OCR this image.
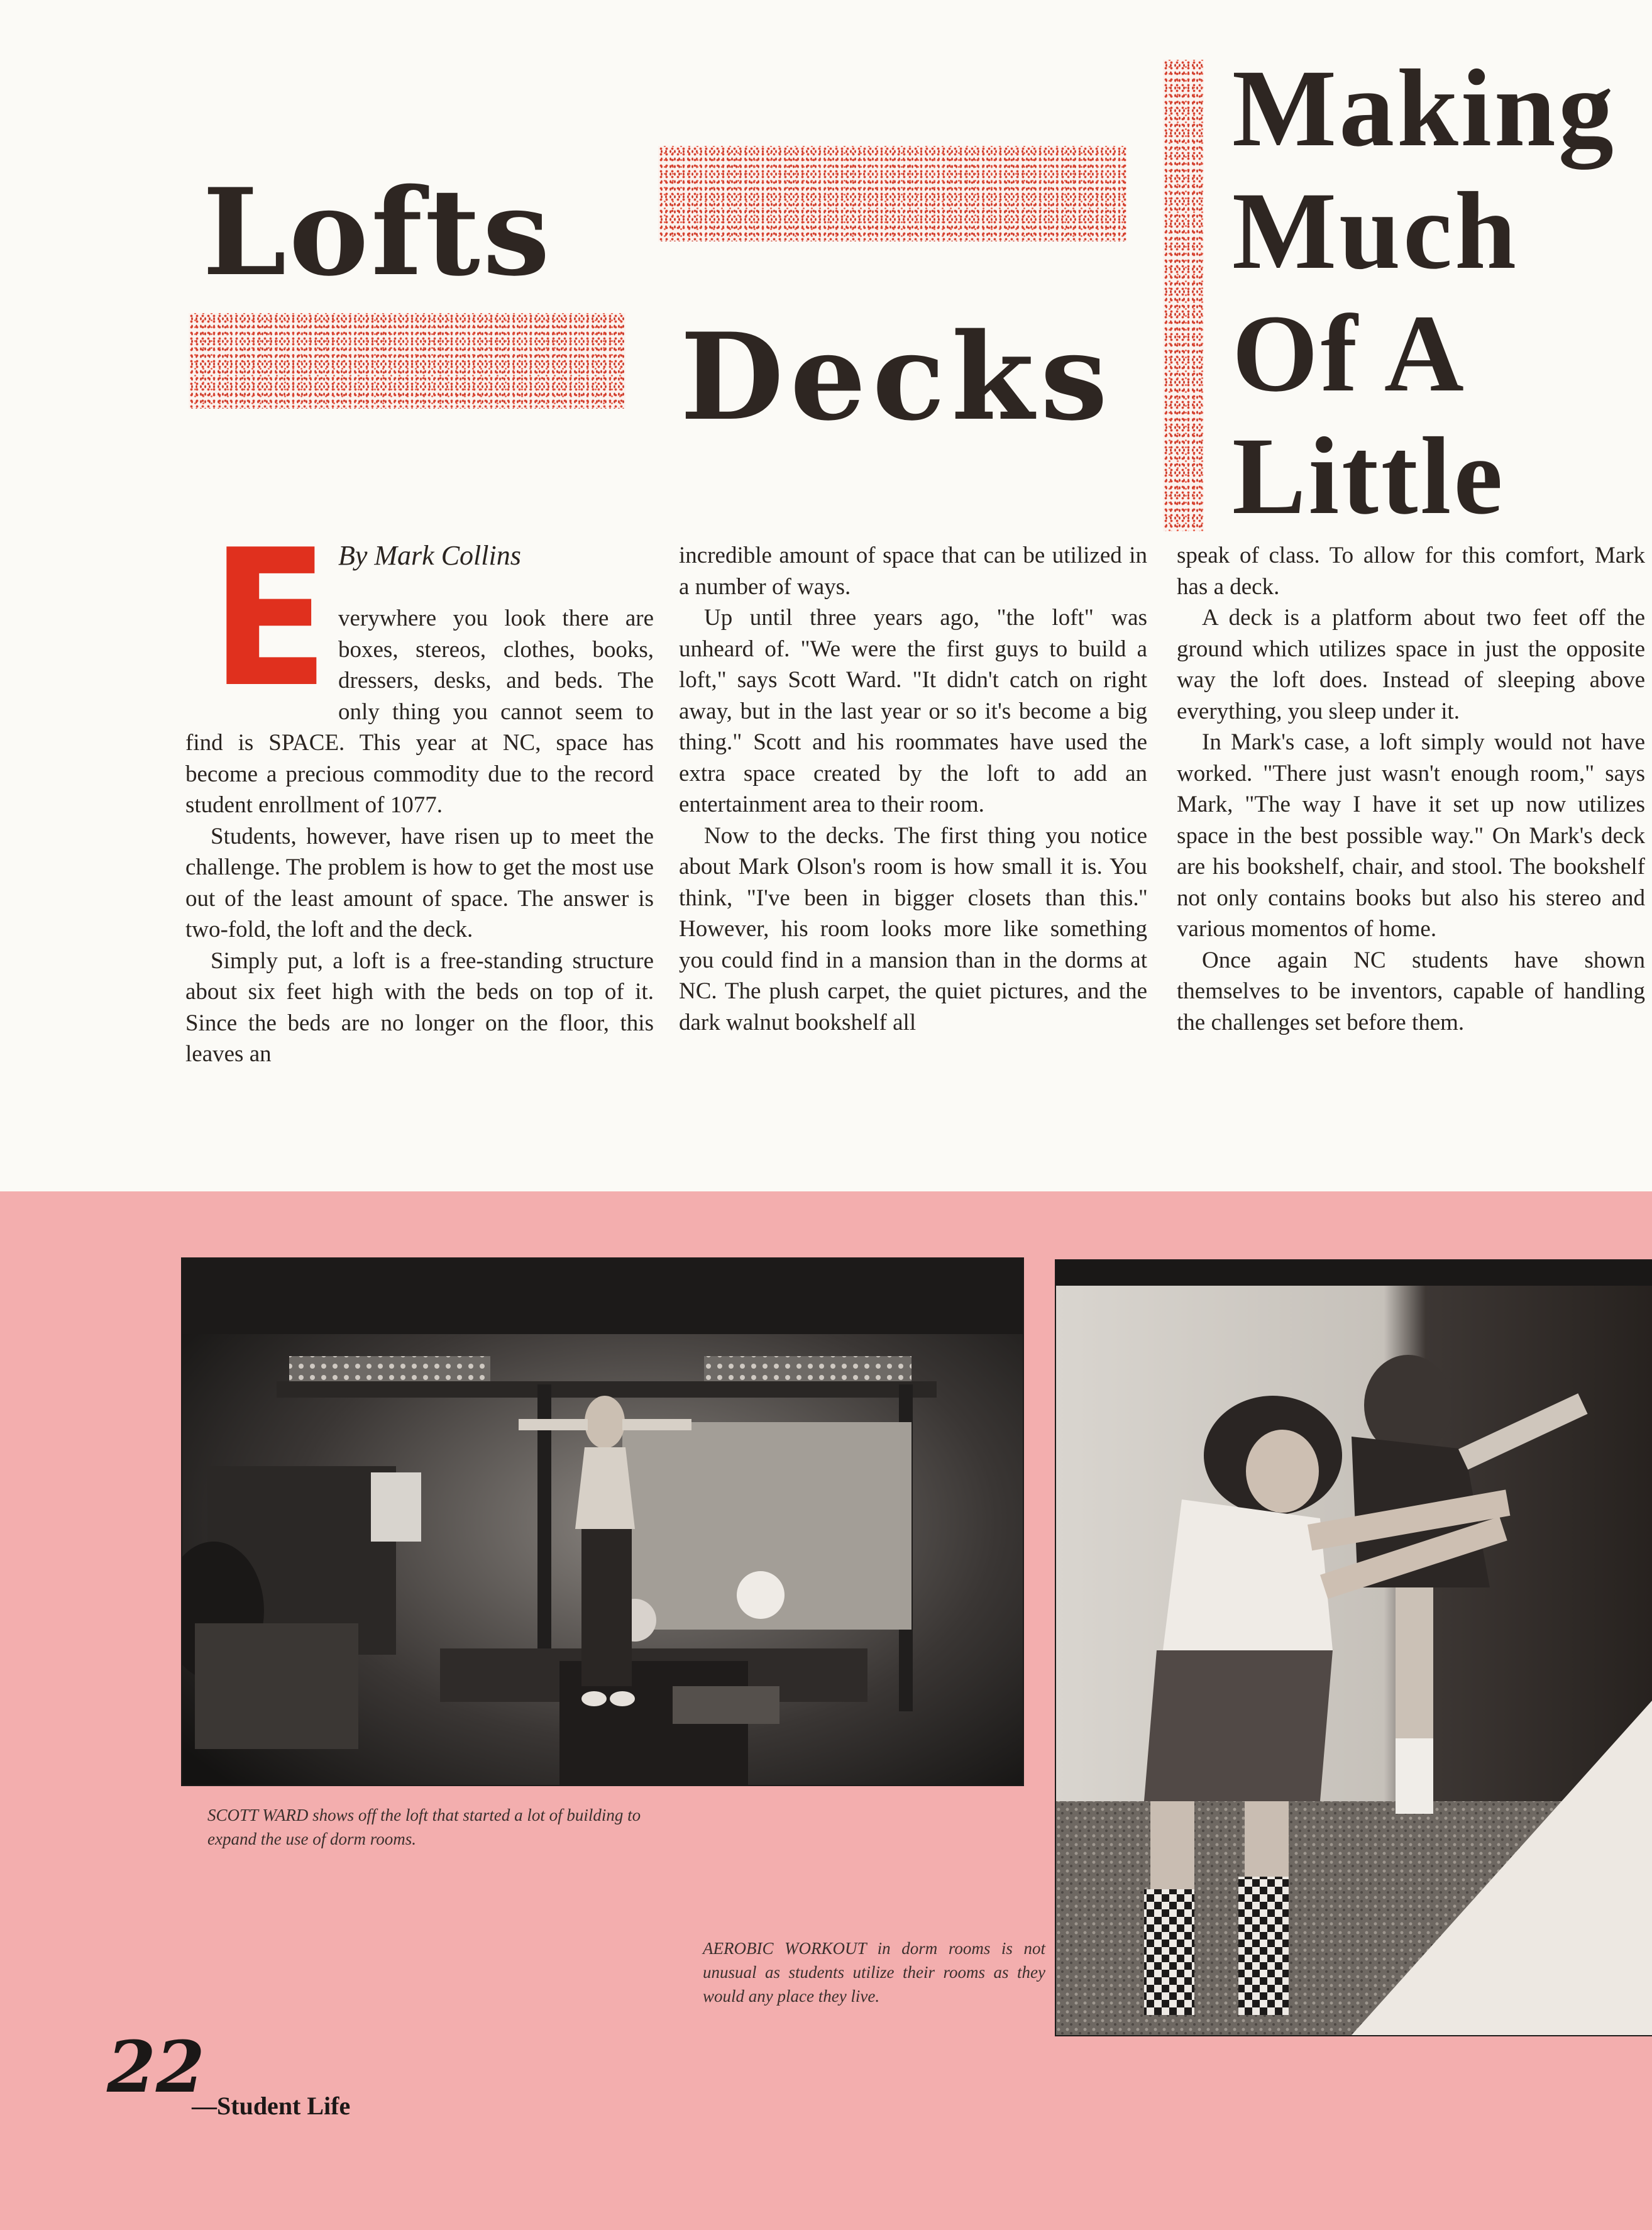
Lofts
Decks
Making
Much
Of A
Little
E By Mark Collins

verywhere you look there are boxes, stereos, clothes, books, dressers, desks, and beds. The only thing you cannot seem to find is SPACE. This year at NC, space has become a precious commodity due to the record student enrollment of 1077.

Students, however, have risen up to meet the challenge. The problem is how to get the most use out of the least amount of space. The answer is two-fold, the loft and the deck.

Simply put, a loft is a free-standing structure about six feet high with the beds on top of it. Since the beds are no longer on the floor, this leaves an

incredible amount of space that can be utilized in a number of ways.

Up until three years ago, "the loft" was unheard of. "We were the first guys to build a loft," says Scott Ward. "It didn't catch on right away, but in the last year or so it's become a big thing." Scott and his roommates have used the extra space created by the loft to add an entertainment area to their room.

Now to the decks. The first thing you notice about Mark Olson's room is how small it is. You think, "I've been in bigger closets than this.'' However, his room looks more like something you could find in a mansion than in the dorms at NC. The plush carpet, the quiet pictures, and the dark walnut bookshelf all

speak of class. To allow for this comfort, Mark has a deck.

A deck is a platform about two feet off the ground which utilizes space in just the opposite way the loft does. Instead of sleeping above everything, you sleep under it.

In Mark's case, a loft simply would not have worked. "There just wasn't enough room," says Mark, "The way I have it set up now utilizes space in the best possible way." On Mark's deck are his bookshelf, chair, and stool. The bookshelf not only contains books but also his stereo and various momentos of home.

Once again NC students have shown themselves to be inventors, capable of handling the challenges set before them.

SCOTT WARD shows off the loft that started a lot of building to expand the use of dorm rooms.
AEROBIC WORKOUT in dorm rooms is not unusual as students utilize their rooms as they would any place they live.
22
—Student Life
